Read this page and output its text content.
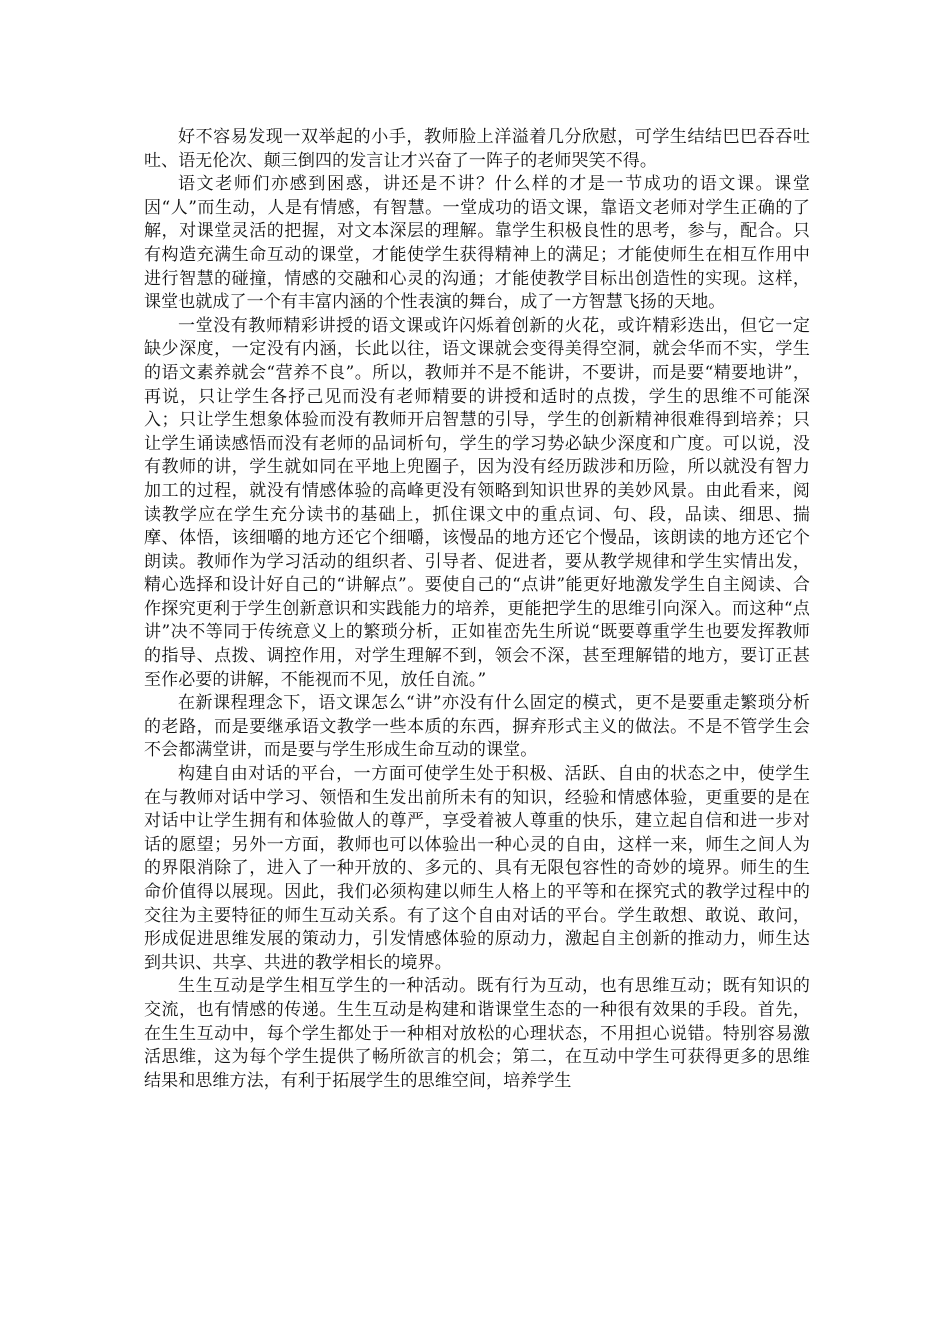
好不容易发现一双举起的小手，教师脸上洋溢着几分欣慰，可学生结结巴巴吞吞吐吐、语无伦次、颠三倒四的发言让才兴奋了一阵子的老师哭笑不得。

语文老师们亦感到困惑，讲还是不讲？什么样的才是一节成功的语文课。课堂因“人”而生动，人是有情感，有智慧。一堂成功的语文课，靠语文老师对学生正确的了解，对课堂灵活的把握，对文本深层的理解。靠学生积极良性的思考，参与，配合。只有构造充满生命互动的课堂，才能使学生获得精神上的满足；才能使师生在相互作用中进行智慧的碰撞，情感的交融和心灵的沟通；才能使教学目标出创造性的实现。这样，课堂也就成了一个有丰富内涵的个性表演的舞台，成了一方智慧飞扬的天地。

一堂没有教师精彩讲授的语文课或许闪烁着创新的火花，或许精彩迭出，但它一定缺少深度，一定没有内涵，长此以往，语文课就会变得美得空洞，就会华而不实，学生的语文素养就会“营养不良”。所以，教师并不是不能讲，不要讲，而是要“精要地讲”，再说，只让学生各抒己见而没有老师精要的讲授和适时的点拨，学生的思维不可能深入；只让学生想象体验而没有教师开启智慧的引导，学生的创新精神很难得到培养；只让学生诵读感悟而没有老师的品词析句，学生的学习势必缺少深度和广度。可以说，没有教师的讲，学生就如同在平地上兜圈子，因为没有经历跋涉和历险，所以就没有智力加工的过程，就没有情感体验的高峰更没有领略到知识世界的美妙风景。由此看来，阅读教学应在学生充分读书的基础上，抓住课文中的重点词、句、段，品读、细思、揣摩、体悟，该细嚼的地方还它个细嚼，该慢品的地方还它个慢品，该朗读的地方还它个朗读。教师作为学习活动的组织者、引导者、促进者，要从教学规律和学生实情出发，精心选择和设计好自己的“讲解点”。要使自己的“点讲”能更好地激发学生自主阅读、合作探究更利于学生创新意识和实践能力的培养，更能把学生的思维引向深入。而这种“点讲”决不等同于传统意义上的繁琐分析，正如崔峦先生所说“既要尊重学生也要发挥教师的指导、点拨、调控作用，对学生理解不到，领会不深，甚至理解错的地方，要订正甚至作必要的讲解，不能视而不见，放任自流。”

在新课程理念下，语文课怎么“讲”亦没有什么固定的模式，更不是要重走繁琐分析的老路，而是要继承语文教学一些本质的东西，摒弃形式主义的做法。不是不管学生会不会都满堂讲，而是要与学生形成生命互动的课堂。

构建自由对话的平台，一方面可使学生处于积极、活跃、自由的状态之中，使学生在与教师对话中学习、领悟和生发出前所未有的知识，经验和情感体验，更重要的是在对话中让学生拥有和体验做人的尊严，享受着被人尊重的快乐，建立起自信和进一步对话的愿望；另外一方面，教师也可以体验出一种心灵的自由，这样一来，师生之间人为的界限消除了，进入了一种开放的、多元的、具有无限包容性的奇妙的境界。师生的生命价值得以展现。因此，我们必须构建以师生人格上的平等和在探究式的教学过程中的交往为主要特征的师生互动关系。有了这个自由对话的平台。学生敢想、敢说、敢问，形成促进思维发展的策动力，引发情感体验的原动力，激起自主创新的推动力，师生达到共识、共享、共进的教学相长的境界。

生生互动是学生相互学生的一种活动。既有行为互动，也有思维互动；既有知识的交流，也有情感的传递。生生互动是构建和谐课堂生态的一种很有效果的手段。首先，在生生互动中，每个学生都处于一种相对放松的心理状态，不用担心说错。特别容易激活思维，这为每个学生提供了畅所欲言的机会；第二，在互动中学生可获得更多的思维结果和思维方法，有利于拓展学生的思维空间，培养学生
